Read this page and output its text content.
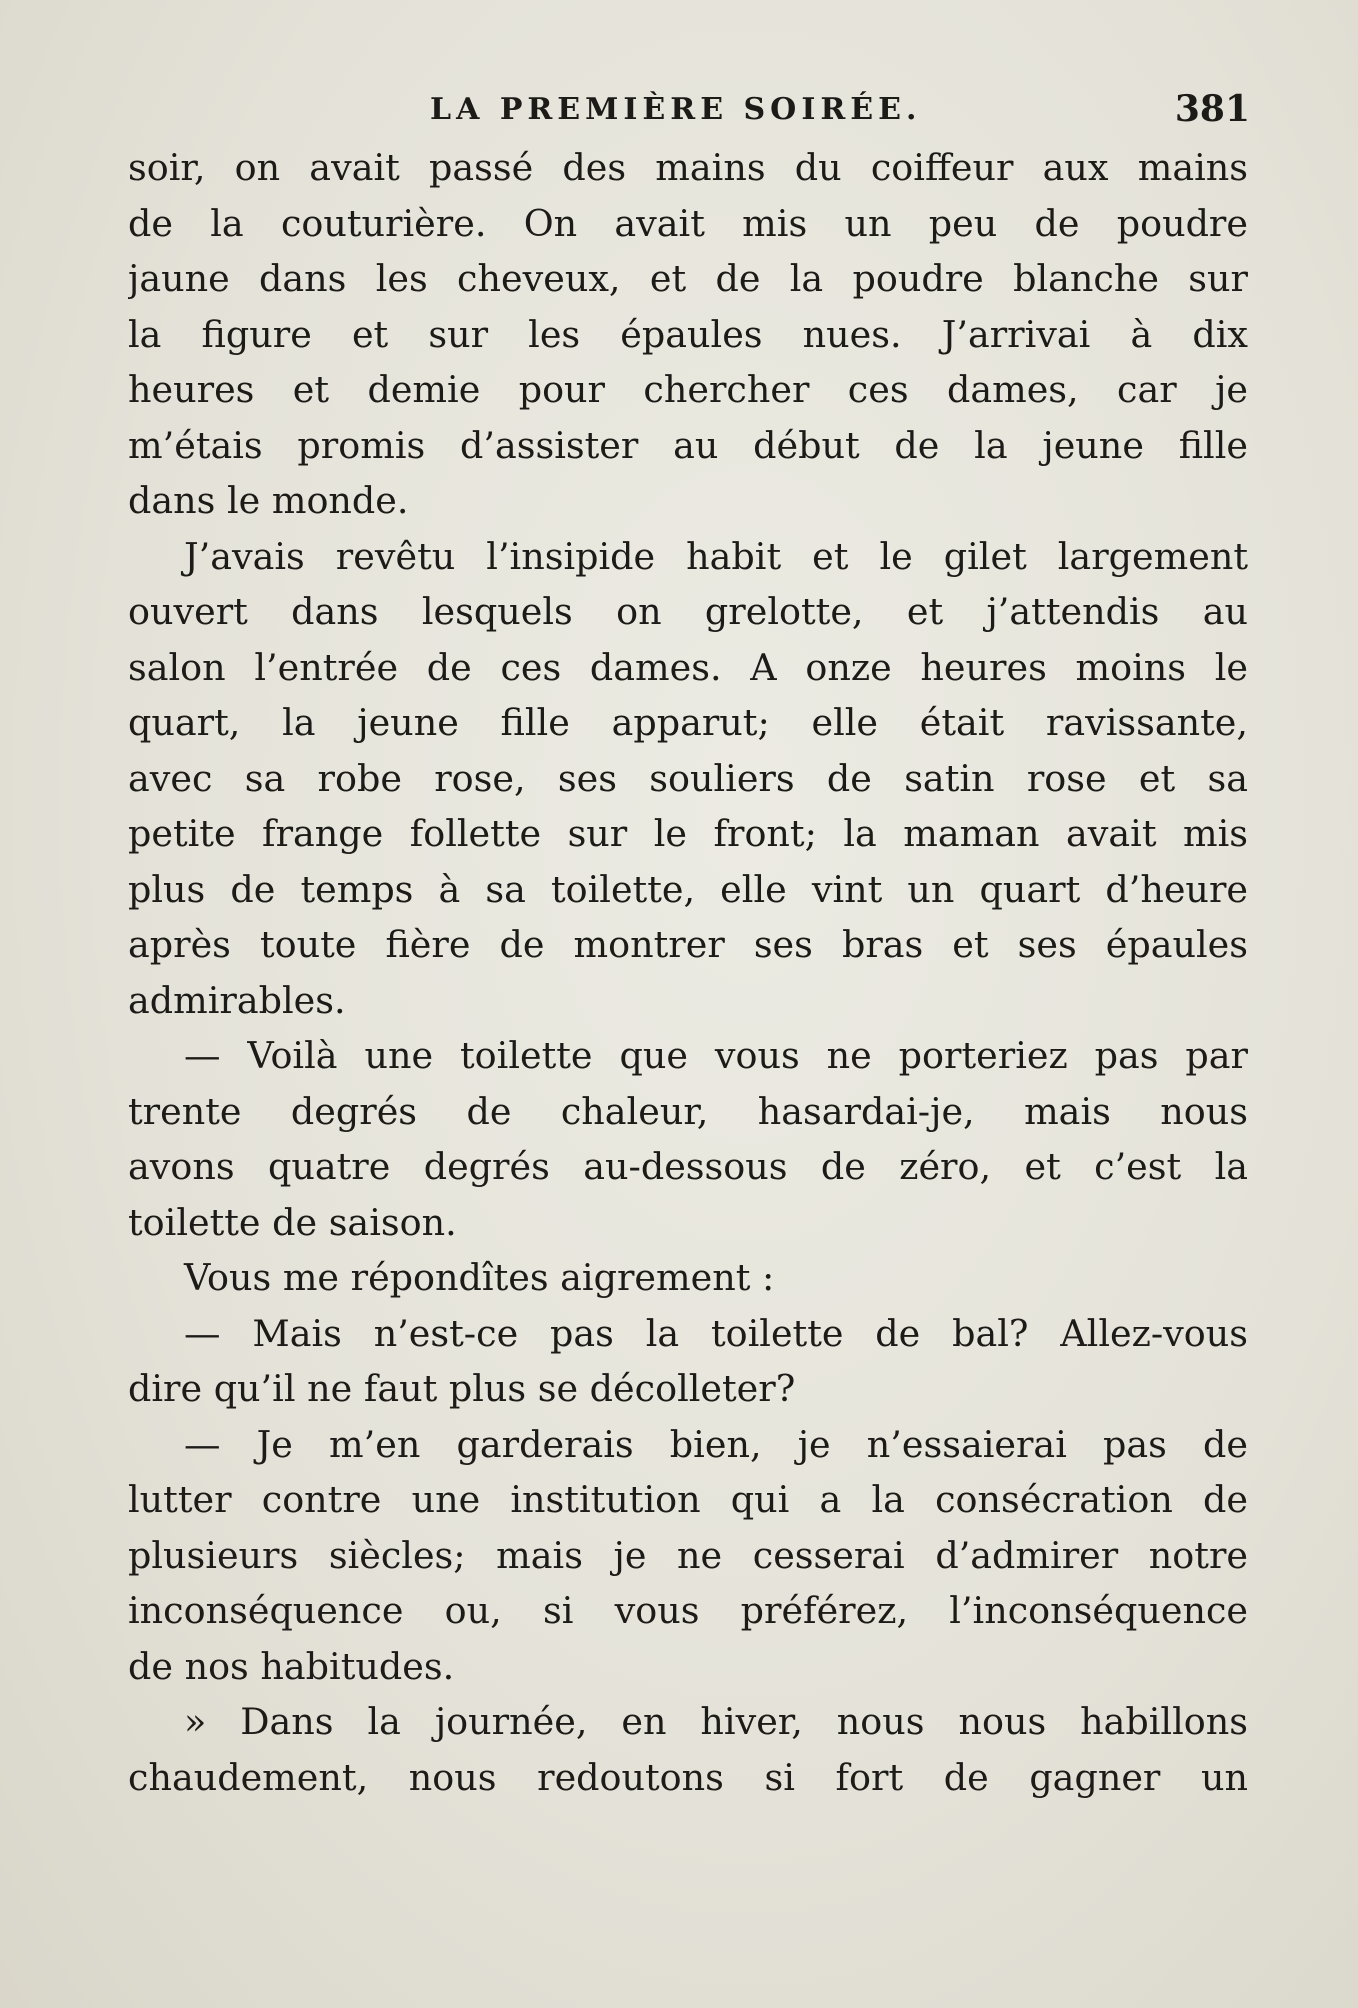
LA PREMIÈRE SOIRÉE.	381
soir, on avait passé des mains du coiffeur aux mains
de la couturière. On avait mis un peu de poudre
jaune dans les cheveux, et de la poudre blanche sur
la figure et sur les épaules nues. J’arrivai à dix
heures et demie pour chercher ces dames, car je
m’étais promis d’assister au début de la jeune fille
dans le monde.
J’avais revêtu l’insipide habit et le gilet largement
ouvert dans lesquels on grelotte, et j’attendis au
salon l’entrée de ces dames. A onze heures moins le
quart, la jeune fille apparut; elle était ravissante,
avec sa robe rose, ses souliers de satin rose et sa
petite frange follette sur le front; la maman avait mis
plus de temps à sa toilette, elle vint un quart d’heure
après toute fière de montrer ses bras et ses épaules
admirables.
— Voilà une toilette que vous ne porteriez pas par
trente degrés de chaleur, hasardai-je, mais nous
avons quatre degrés au-dessous de zéro, et c’est la
toilette de saison.
Vous me répondîtes aigrement :
— Mais n’est-ce pas la toilette de bal? Allez-vous
dire qu’il ne faut plus se décolleter?
— Je m’en garderais bien, je n’essaierai pas de
lutter contre une institution qui a la consécration de
plusieurs siècles; mais je ne cesserai d’admirer notre
inconséquence ou, si vous préférez, l’inconséquence
de nos habitudes.
» Dans la journée, en hiver, nous nous habillons
chaudement, nous redoutons si fort de gagner un
